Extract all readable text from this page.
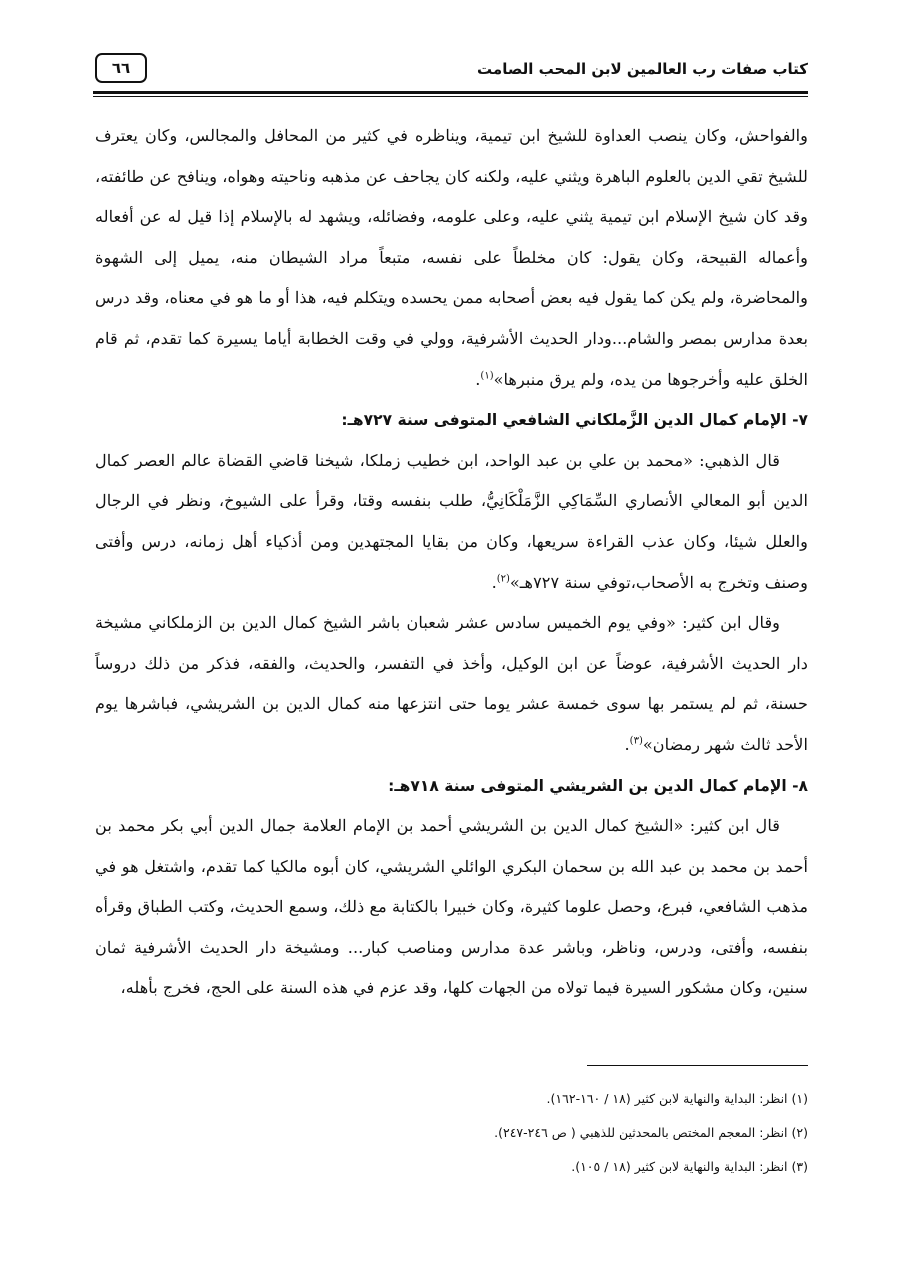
كتاب صفات رب العالمين لابن المحب الصامت
٦٦

والفواحش، وكان ينصب العداوة للشيخ ابن تيمية، ويناظره في كثير من المحافل والمجالس، وكان يعترف للشيخ تقي الدين بالعلوم الباهرة ويثني عليه، ولكنه كان يجاحف عن مذهبه وناحيته وهواه، وينافح عن طائفته، وقد كان شيخ الإسلام ابن تيمية يثني عليه، وعلى علومه، وفضائله، ويشهد له بالإسلام إذا قيل له عن أفعاله وأعماله القبيحة، وكان يقول: كان مخلطاً على نفسه، متبعاً مراد الشيطان منه، يميل إلى الشهوة والمحاضرة، ولم يكن كما يقول فيه بعض أصحابه ممن يحسده ويتكلم فيه، هذا أو ما هو في معناه، وقد درس بعدة مدارس بمصر والشام...ودار الحديث الأشرفية، وولي في وقت الخطابة أياما يسيرة كما تقدم، ثم قام الخلق عليه وأخرجوها من يده، ولم يرق منبرها»$^{(١)}$.

٧- الإمام كمال الدين الزَّملكاني الشافعي المتوفى سنة ٧٢٧هـ:

قال الذهبي: «محمد بن علي بن عبد الواحد، ابن خطيب زملكا، شيخنا قاضي القضاة عالم العصر كمال الدين أبو المعالي الأنصاري السِّمَاكِي الزَّمَلْكَانِيُّ، طلب بنفسه وقتا، وقرأ على الشيوخ، ونظر في الرجال والعلل شيئا، وكان عذب القراءة سريعها، وكان من بقايا المجتهدين ومن أذكياء أهل زمانه، درس وأفتى وصنف وتخرج به الأصحاب،توفي سنة ٧٢٧هـ»$^{(٢)}$.

وقال ابن كثير: «وفي يوم الخميس سادس عشر شعبان باشر الشيخ كمال الدين بن الزملكاني مشيخة دار الحديث الأشرفية، عوضاً عن ابن الوكيل، وأخذ في التفسر، والحديث، والفقه، فذكر من ذلك دروساً حسنة، ثم لم يستمر بها سوى خمسة عشر يوما حتى انتزعها منه كمال الدين بن الشريشي، فباشرها يوم الأحد ثالث شهر رمضان»$^{(٣)}$.

٨- الإمام كمال الدين بن الشريشي المتوفى سنة ٧١٨هـ:

قال ابن كثير: «الشيخ كمال الدين بن الشريشي أحمد بن الإمام العلامة جمال الدين أبي بكر محمد بن أحمد بن محمد بن عبد الله بن سحمان البكري الوائلي الشريشي، كان أبوه مالكيا كما تقدم، واشتغل هو في مذهب الشافعي، فبرع، وحصل علوما كثيرة، وكان خبيرا بالكتابة مع ذلك، وسمع الحديث، وكتب الطباق وقرأه بنفسه، وأفتى، ودرس، وناظر، وباشر عدة مدارس ومناصب كبار... ومشيخة دار الحديث الأشرفية ثمان سنين، وكان مشكور السيرة فيما تولاه من الجهات كلها، وقد عزم في هذه السنة على الحج، فخرج بأهله،

(١) انظر: البداية والنهاية لابن كثير (١٨ / ١٦٠-١٦٢).
(٢) انظر: المعجم المختص بالمحدثين للذهبي ( ص ٢٤٦-٢٤٧).
(٣) انظر: البداية والنهاية لابن كثير (١٨ / ١٠٥).
